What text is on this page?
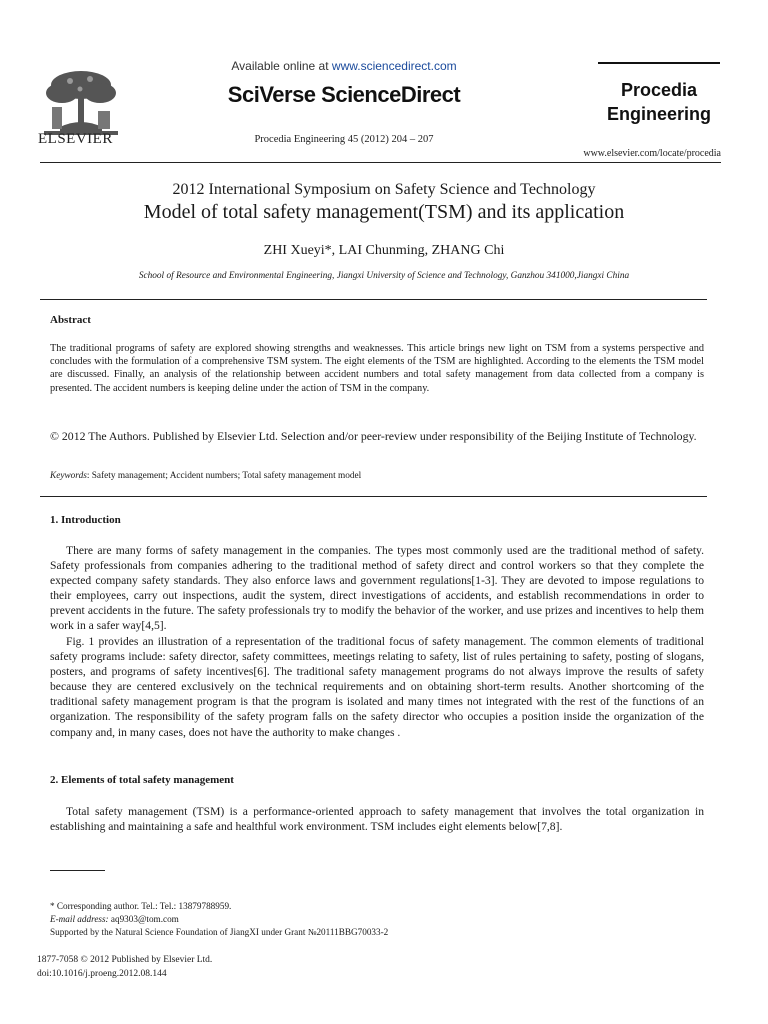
ELSEVIER
Available online at www.sciencedirect.com
SciVerse ScienceDirect
Procedia Engineering 45 (2012) 204 – 207
Procedia
Engineering
www.elsevier.com/locate/procedia
2012 International Symposium on Safety Science and Technology
Model of total safety management(TSM) and its application
ZHI Xueyi*, LAI Chunming, ZHANG Chi
School of Resource and Environmental Engineering, Jiangxi University of Science and Technology, Ganzhou 341000,Jiangxi China
Abstract
The traditional programs of safety are explored showing strengths and weaknesses. This article brings new light on TSM from a systems perspective and concludes with the formulation of a comprehensive TSM system. The eight elements of the TSM are highlighted. According to the elements the TSM model are discussed. Finally, an analysis of the relationship between accident numbers and total safety management from data collected from a company is presented. The accident numbers is keeping deline under the action of TSM in the company.
© 2012 The Authors. Published by Elsevier Ltd. Selection and/or peer-review under responsibility of the Beijing Institute of Technology.
Keywords: Safety management; Accident numbers; Total safety management model
1. Introduction
There are many forms of safety management in the companies. The types most commonly used are the traditional method of safety. Safety professionals from companies adhering to the traditional method of safety direct and control workers so that they complete the expected company safety standards. They also enforce laws and government regulations[1-3]. They are devoted to impose regulations to their employees, carry out inspections, audit the system, direct investigations of accidents, and establish recommendations in order to prevent accidents in the future. The safety professionals try to modify the behavior of the worker, and use prizes and incentives to help them work in a safer way[4,5].
Fig. 1 provides an illustration of a representation of the traditional focus of safety management. The common elements of traditional safety programs include: safety director, safety committees, meetings relating to safety, list of rules pertaining to safety, posting of slogans, posters, and programs of safety incentives[6]. The traditional safety management programs do not always improve the results of safety because they are centered exclusively on the technical requirements and on obtaining short-term results. Another shortcoming of the traditional safety management program is that the program is isolated and many times not integrated with the rest of the functions of an organization. The responsibility of the safety program falls on the safety director who occupies a position inside the organization of the company and, in many cases, does not have the authority to make changes .
2. Elements of total safety management
Total safety management (TSM) is a performance-oriented approach to safety management that involves the total organization in establishing and maintaining a safe and healthful work environment. TSM includes eight elements below[7,8].
* Corresponding author. Tel.: Tel.: 13879788959.
E-mail address: aq9303@tom.com
Supported by the Natural Science Foundation of JiangXI under Grant №20111BBG70033-2
1877-7058 © 2012 Published by Elsevier Ltd.
doi:10.1016/j.proeng.2012.08.144
